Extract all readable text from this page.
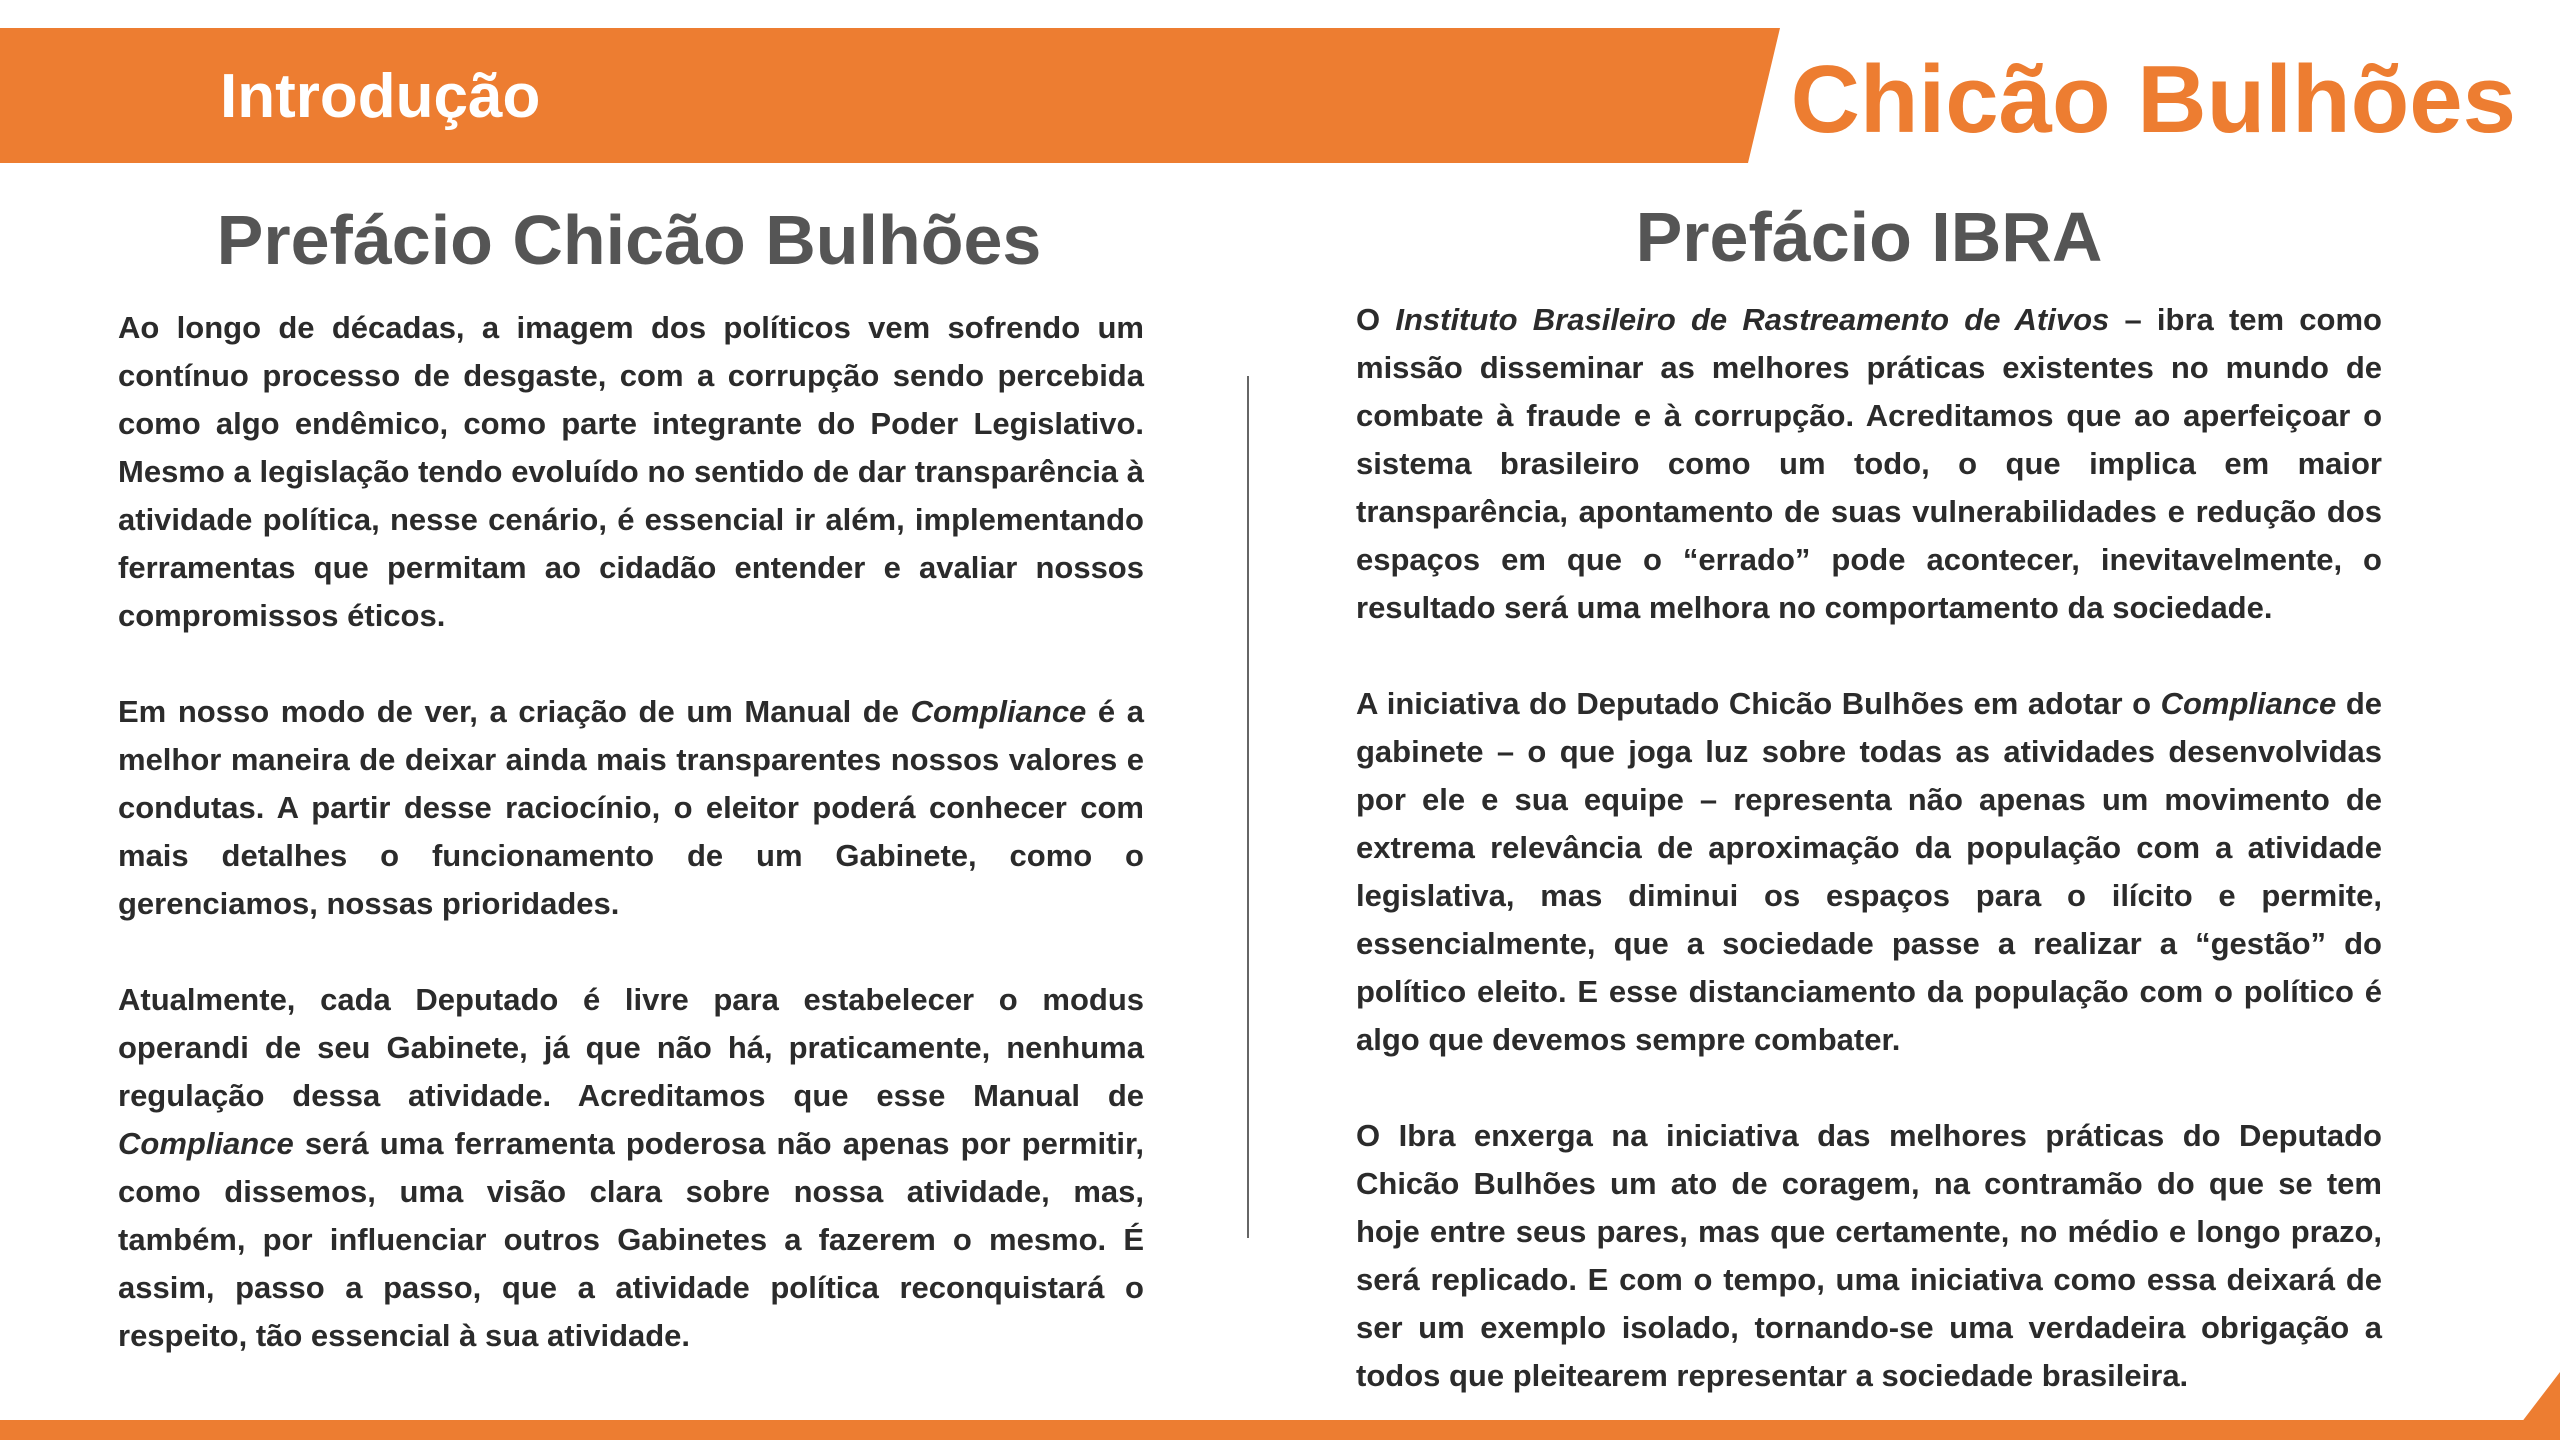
Introdução	Chicão Bulhões
Prefácio Chicão Bulhões	Prefácio IBRA

Ao longo de décadas, a imagem dos políticos vem sofrendo um contínuo processo de desgaste, com a corrupção sendo percebida como algo endêmico, como parte integrante do Poder Legislativo. Mesmo a legislação tendo evoluído no sentido de dar transparência à atividade política, nesse cenário, é essencial ir além, implementando ferramentas que permitam ao cidadão entender e avaliar nossos compromissos éticos.

Em nosso modo de ver, a criação de um Manual de Compliance é a melhor maneira de deixar ainda mais transparentes nossos valores e condutas. A partir desse raciocínio, o eleitor poderá conhecer com mais detalhes o funcionamento de um Gabinete, como o gerenciamos, nossas prioridades.

Atualmente, cada Deputado é livre para estabelecer o modus operandi de seu Gabinete, já que não há, praticamente, nenhuma regulação dessa atividade. Acreditamos que esse Manual de Compliance será uma ferramenta poderosa não apenas por permitir, como dissemos, uma visão clara sobre nossa atividade, mas, também, por influenciar outros Gabinetes a fazerem o mesmo. É assim, passo a passo, que a atividade política reconquistará o respeito, tão essencial à sua atividade.

O Instituto Brasileiro de Rastreamento de Ativos – ibra tem como missão disseminar as melhores práticas existentes no mundo de combate à fraude e à corrupção. Acreditamos que ao aperfeiçoar o sistema brasileiro como um todo, o que implica em maior transparência, apontamento de suas vulnerabilidades e redução dos espaços em que o “errado” pode acontecer, inevitavelmente, o resultado será uma melhora no comportamento da sociedade.

A iniciativa do Deputado Chicão Bulhões em adotar o Compliance de gabinete – o que joga luz sobre todas as atividades desenvolvidas por ele e sua equipe – representa não apenas um movimento de extrema relevância de aproximação da população com a atividade legislativa, mas diminui os espaços para o ilícito e permite, essencialmente, que a sociedade passe a realizar a “gestão” do político eleito. E esse distanciamento da população com o político é algo que devemos sempre combater.

O Ibra enxerga na iniciativa das melhores práticas do Deputado Chicão Bulhões um ato de coragem, na contramão do que se tem hoje entre seus pares, mas que certamente, no médio e longo prazo, será replicado. E com o tempo, uma iniciativa como essa deixará de ser um exemplo isolado, tornando-se uma verdadeira obrigação a todos que pleitearem representar a sociedade brasileira.
